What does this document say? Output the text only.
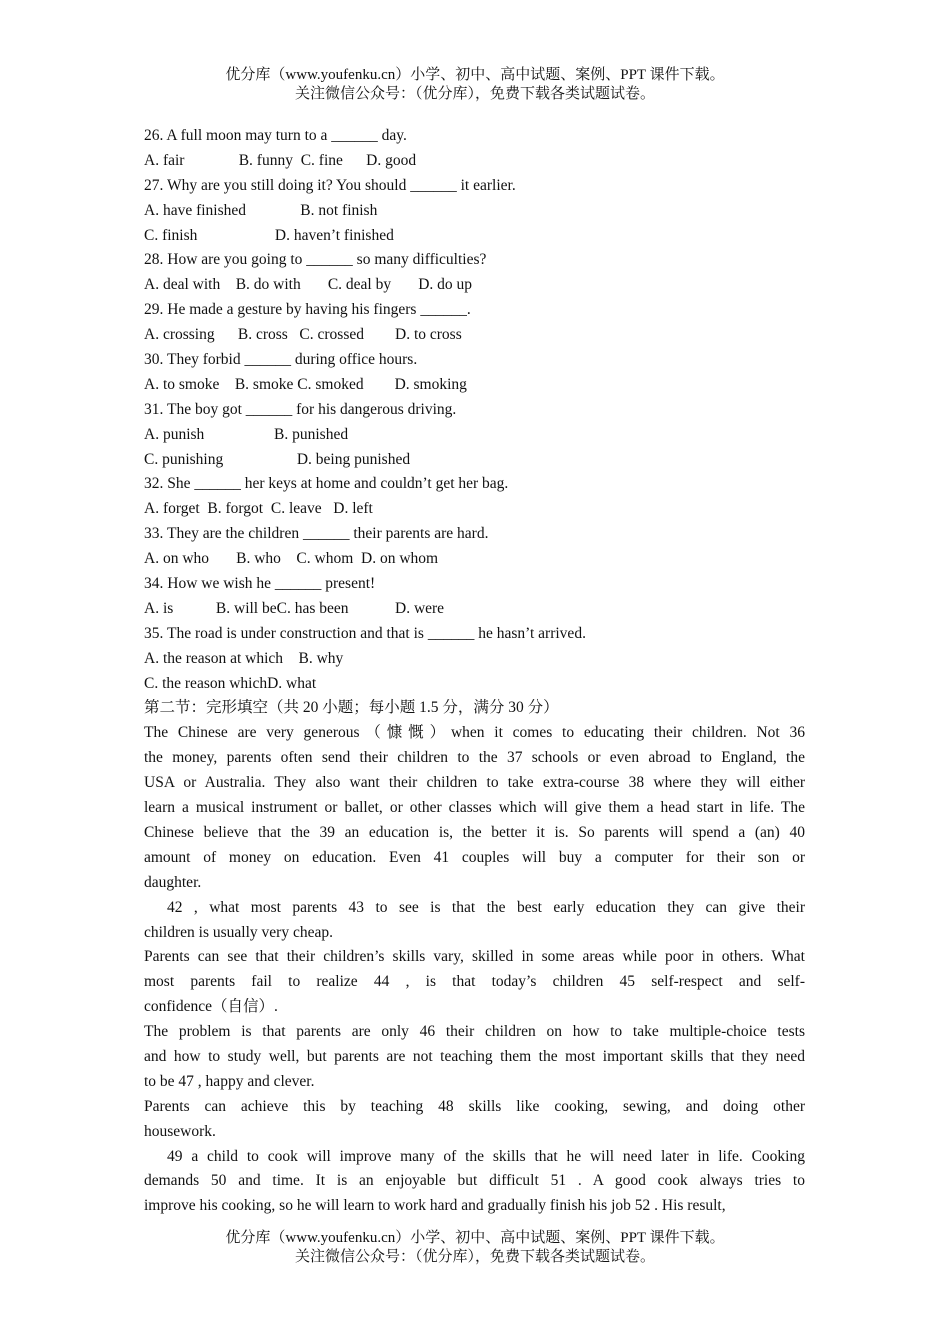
优分库（www.youfenku.cn）小学、初中、高中试题、案例、PPT 课件下载。
关注微信公众号：（优分库），免费下载各类试题试卷。
26. A full moon may turn to a ______ day.
A. fair              B. funny  C. fine      D. good
27. Why are you still doing it? You should ______ it earlier.
A. have finished              B. not finish
C. finish                    D. haven’t finished
28. How are you going to ______ so many difficulties?
A. deal with    B. do with       C. deal by       D. do up
29. He made a gesture by having his fingers ______.
A. crossing      B. cross   C. crossed        D. to cross
30. They forbid ______ during office hours.
A. to smoke    B. smoke C. smoked        D. smoking
31. The boy got ______ for his dangerous driving.
A. punish                  B. punished
C. punishing                   D. being punished
32. She ______ her keys at home and couldn’t get her bag.
A. forget  B. forgot  C. leave   D. left
33. They are the children ______ their parents are hard.
A. on who       B. who    C. whom  D. on whom
34. How we wish he ______ present!
A. is           B. will beC. has been            D. were
35. The road is under construction and that is ______ he hasn’t arrived.
A. the reason at which    B. why
C. the reason whichD. what
第二节：完形填空（共 20 小题；每小题 1.5 分，满分 30 分）
The Chinese are very generous（慷慨）when it comes to educating their children. Not 36
the money, parents often send their children to the 37 schools or even abroad to England, the
USA or Australia. They also want their children to take extra-course 38 where they will either
learn a musical instrument or ballet, or other classes which will give them a head start in life. The
Chinese believe that the 39 an education is, the better it is. So parents will spend a (an) 40
amount of money on education. Even 41 couples will buy a computer for their son or
daughter.
42 , what most parents 43 to see is that the best early education they can give their
children is usually very cheap.
Parents can see that their children’s skills vary, skilled in some areas while poor in others. What
most parents fail to realize 44 , is that today’s children 45 self-respect and self-
confidence（自信）.
The problem is that parents are only 46 their children on how to take multiple-choice tests
and how to study well, but parents are not teaching them the most important skills that they need
to be 47 , happy and clever.
Parents can achieve this by teaching 48 skills like cooking, sewing, and doing other
housework.
49 a child to cook will improve many of the skills that he will need later in life. Cooking
demands 50 and time. It is an enjoyable but difficult 51 . A good cook always tries to
improve his cooking, so he will learn to work hard and gradually finish his job 52 . His result,
优分库（www.youfenku.cn）小学、初中、高中试题、案例、PPT 课件下载。
关注微信公众号：（优分库），免费下载各类试题试卷。
